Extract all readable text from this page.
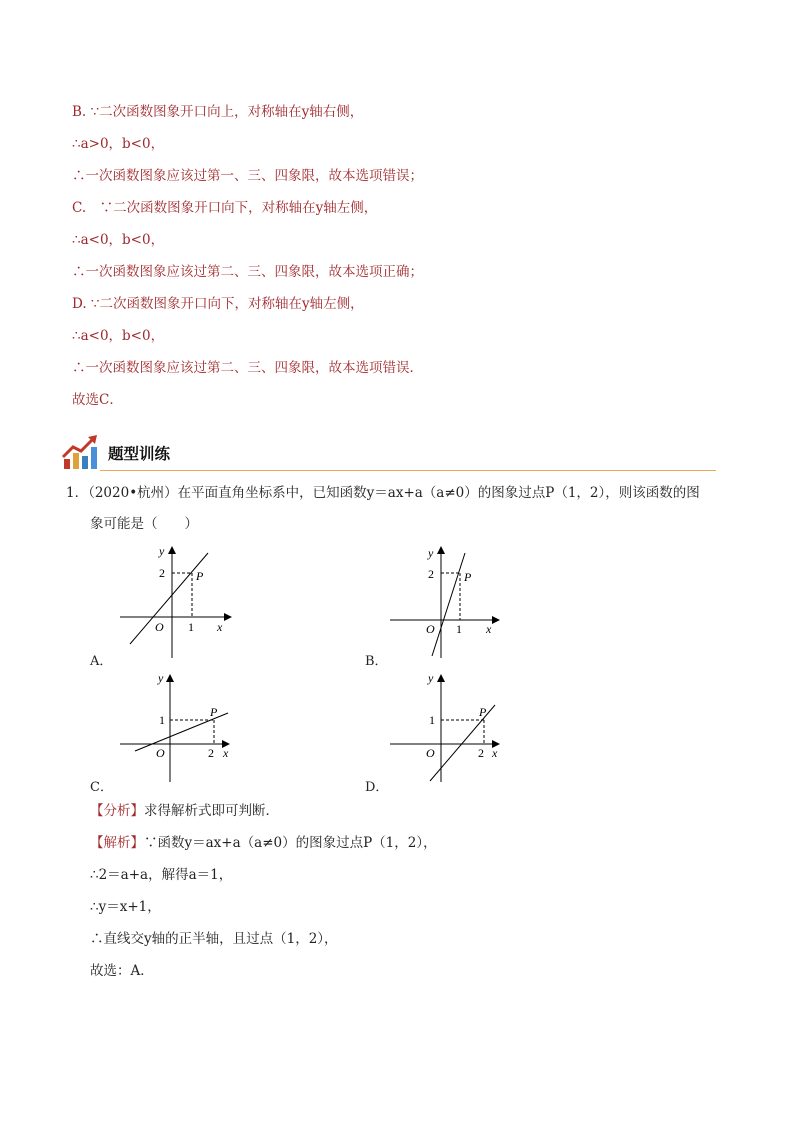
B. ∵二次函数图象开口向上，对称轴在y轴右侧，
∴a>0，b<0，
∴一次函数图象应该过第一、三、四象限，故本选项错误；
C.　∵二次函数图象开口向下，对称轴在y轴左侧，
∴a<0，b<0，
∴一次函数图象应该过第二、三、四象限，故本选项正确；
D. ∵二次函数图象开口向下，对称轴在y轴左侧，
∴a<0，b<0，
∴一次函数图象应该过第二、三、四象限，故本选项错误．
故选C．
题型训练
1．（2020•杭州）在平面直角坐标系中，已知函数y＝ax+a（a≠0）的图象过点P（1，2），则该函数的图
象可能是（　　）
y
x
2
1
O
P
A．
y
x
2
1
O
P
B．
y
x
1
2
O
P
C．
y
x
1
2
O
P
D．
【分析】求得解析式即可判断．
【解析】∵函数y＝ax+a（a≠0）的图象过点P（1，2），
∴2＝a+a，解得a＝1，
∴y＝x+1，
∴直线交y轴的正半轴，且过点（1，2），
故选：A．
